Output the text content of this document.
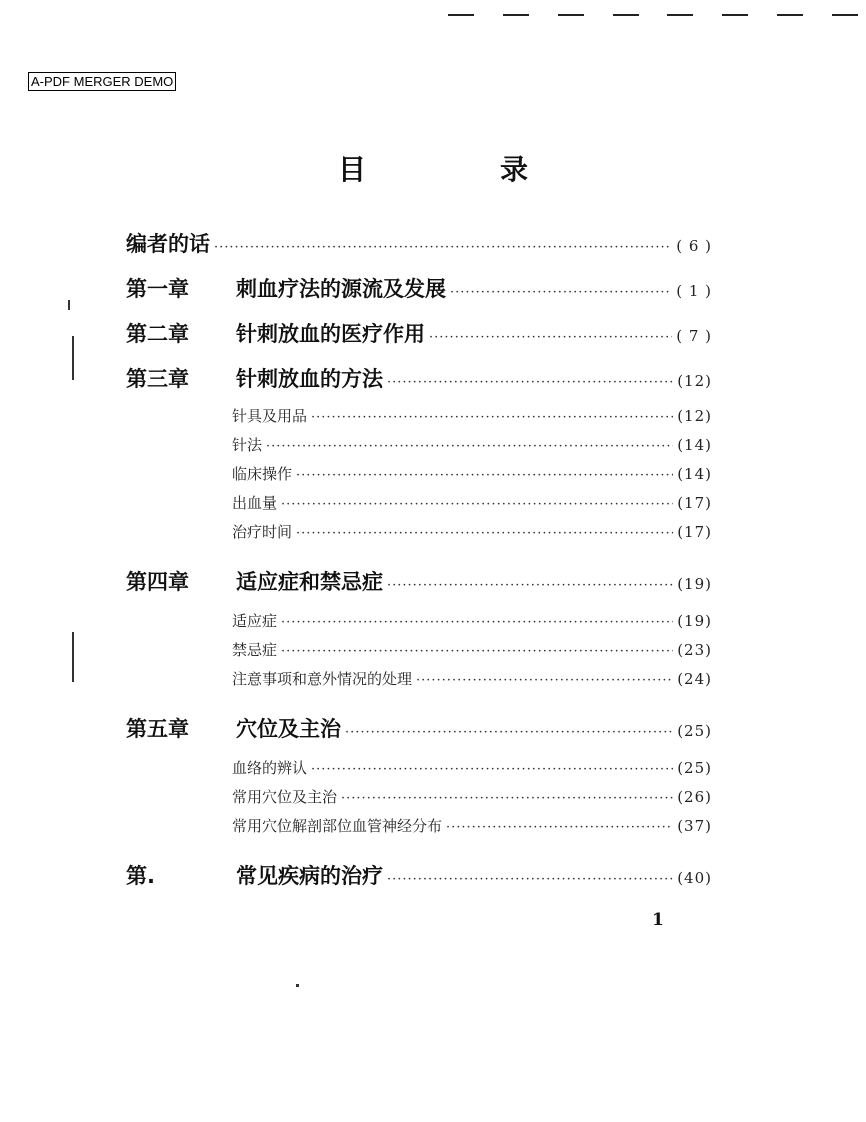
A-PDF MERGER DEMO
目	录
编者的话 ·····	( 6 )
第一章	刺血疗法的源流及发展 ·····	( 1 )
第二章	针刺放血的医疗作用 ·····	( 7 )
第三章	针刺放血的方法 ·····	(12)
针具及用品 ·····	(12)
针法 ·····	(14)
临床操作 ·····	(14)
出血量 ·····	(17)
治疗时间 ·····	(17)
第四章	适应症和禁忌症 ·····	(19)
适应症 ·····	(19)
禁忌症 ·····	(23)
注意事项和意外情况的处理 ·····	(24)
第五章	穴位及主治 ·····	(25)
血络的辨认 ·····	(25)
常用穴位及主治 ·····	(26)
常用穴位解剖部位血管神经分布 ·····	(37)
第.	常见疾病的治疗 ·····	(40)
1
